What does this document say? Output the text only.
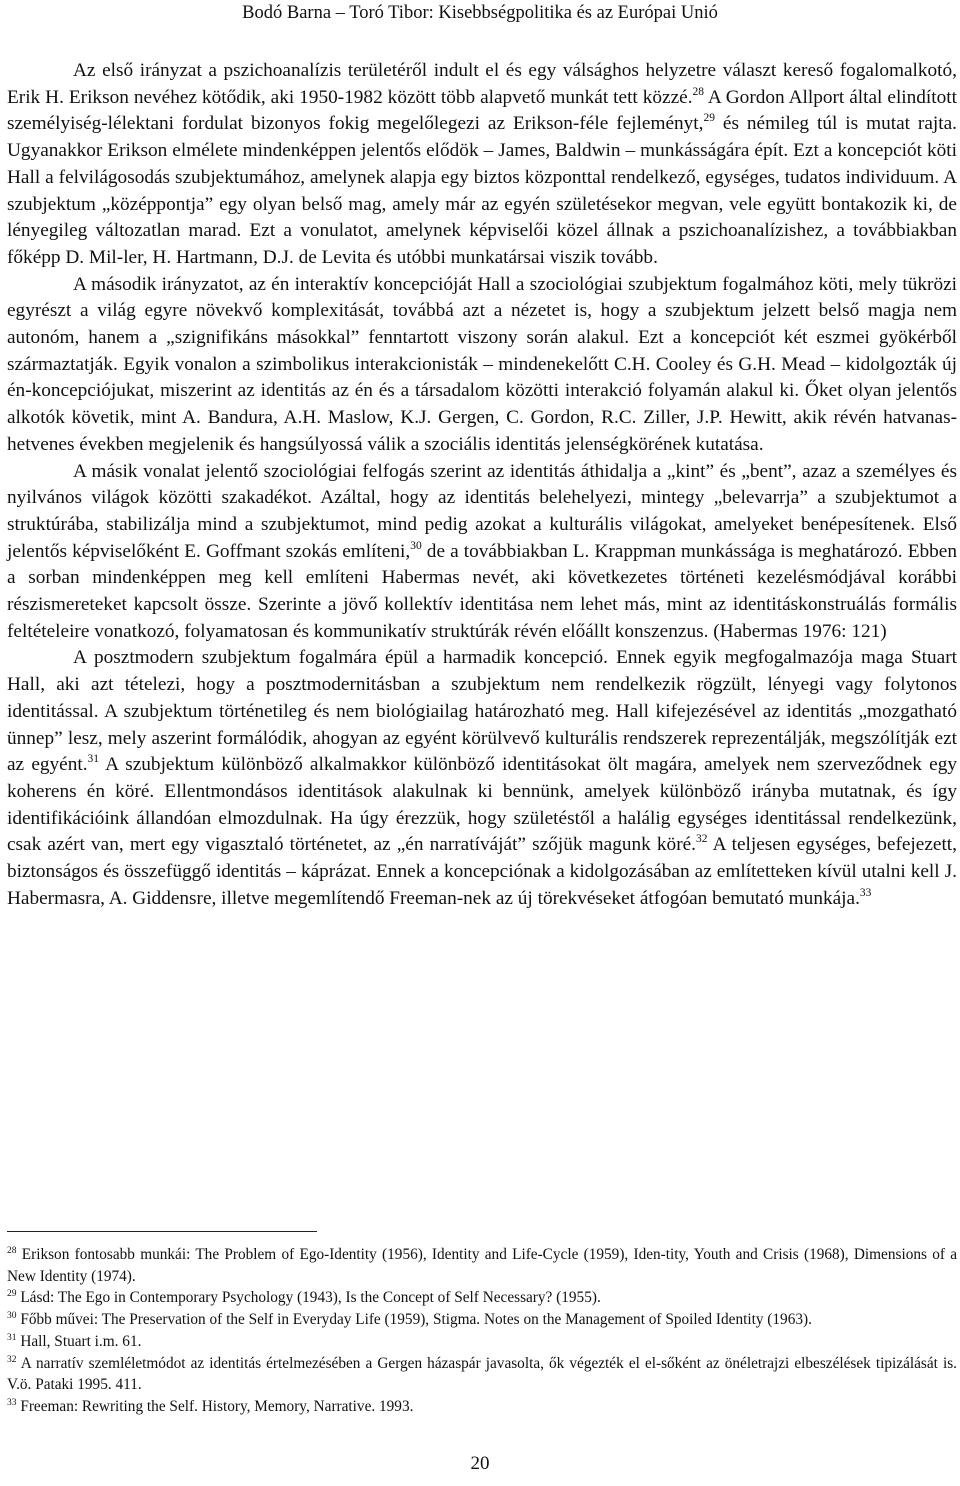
Bodó Barna – Toró Tibor: Kisebbségpolitika és az Európai Unió

Az első irányzat a pszichoanalízis területéről indult el és egy válsághos helyzetre választ kereső fogalomalkotó, Erik H. Erikson nevéhez kötődik, aki 1950-1982 között több alapvető munkát tett közzé.$^{28}$ A Gordon Allport által elindított személyiség-lélektani fordulat bizonyos fokig megelőlegezi az Erikson-féle fejleményt,$^{29}$ és némileg túl is mutat rajta. Ugyanakkor Erikson elmélete mindenképpen jelentős elődök ‒ James, Baldwin ‒ munkásságára épít. Ezt a koncepciót köti Hall a felvilágosodás szubjektumához, amelynek alapja egy biztos központtal rendelkező, egységes, tudatos individuum. A szubjektum „középpontja” egy olyan belső mag, amely már az egyén születésekor megvan, vele együtt bontakozik ki, de lényegileg változatlan marad. Ezt a vonulatot, amelynek képviselői közel állnak a pszichoanalízishez, a továbbiakban főképp D. Mil-ler, H. Hartmann, D.J. de Levita és utóbbi munkatársai viszik tovább.

A második irányzatot, az én interaktív koncepcióját Hall a szociológiai szubjektum fogalmához köti, mely tükrözi egyrészt a világ egyre növekvő komplexitását, továbbá azt a nézetet is, hogy a szubjektum jelzett belső magja nem autonóm, hanem a „szignifikáns másokkal” fenntartott viszony során alakul. Ezt a koncepciót két eszmei gyökérből származtatják. Egyik vonalon a szimbolikus interakcionisták ‒ mindenekelőtt C.H. Cooley és G.H. Mead ‒ kidolgozták új én-koncepciójukat, miszerint az identitás az én és a társadalom közötti interakció folyamán alakul ki. Őket olyan jelentős alkotók követik, mint A. Bandura, A.H. Maslow, K.J. Gergen, C. Gordon, R.C. Ziller, J.P. Hewitt, akik révén hatvanas-hetvenes években megjelenik és hangsúlyossá válik a szociális identitás jelenségkörének kutatása.

A másik vonalat jelentő szociológiai felfogás szerint az identitás áthidalja a „kint” és „bent”, azaz a személyes és nyilvános világok közötti szakadékot. Azáltal, hogy az identitás belehelyezi, mintegy „belevarrja” a szubjektumot a struktúrába, stabilizálja mind a szubjektumot, mind pedig azokat a kulturális világokat, amelyeket benépesítenek. Első jelentős képviselőként E. Goffmant szokás említeni,$^{30}$ de a továbbiakban L. Krappman munkássága is meghatározó. Ebben a sorban mindenképpen meg kell említeni Habermas nevét, aki következetes történeti kezelésmódjával korábbi részismereteket kapcsolt össze. Szerinte a jövő kollektív identitása nem lehet más, mint az identitáskonstruálás formális feltételeire vonatkozó, folyamatosan és kommunikatív struktúrák révén előállt konszenzus. (Habermas 1976: 121)

A posztmodern szubjektum fogalmára épül a harmadik koncepció. Ennek egyik megfogalmazója maga Stuart Hall, aki azt tételezi, hogy a posztmodernitásban a szubjektum nem rendelkezik rögzült, lényegi vagy folytonos identitással. A szubjektum történetileg és nem biológiailag határozható meg. Hall kifejezésével az identitás „mozgatható ünnep” lesz, mely aszerint formálódik, ahogyan az egyént körülvevő kulturális rendszerek reprezentálják, megszólítják ezt az egyént.$^{31}$ A szubjektum különböző alkalmakkor különböző identitásokat ölt magára, amelyek nem szerveződnek egy koherens én köré. Ellentmondásos identitások alakulnak ki bennünk, amelyek különböző irányba mutatnak, és így identifikációink állandóan elmozdulnak. Ha úgy érezzük, hogy születéstől a halálig egységes identitással rendelkezünk, csak azért van, mert egy vigasztaló történetet, az „én narratíváját” szőjük magunk köré.$^{32}$ A teljesen egységes, befejezett, biztonságos és összefüggő identitás ‒ káprázat. Ennek a koncepciónak a kidolgozásában az említetteken kívül utalni kell J. Habermasra, A. Giddensre, illetve megemlítendő Freeman-nek az új törekvéseket átfogóan bemutató munkája.$^{33}$

$^{28}$ Erikson fontosabb munkái: The Problem of Ego-Identity (1956), Identity and Life-Cycle (1959), Iden-tity, Youth and Crisis (1968), Dimensions of a New Identity (1974).

$^{29}$ Lásd: The Ego in Contemporary Psychology (1943), Is the Concept of Self Necessary? (1955).

$^{30}$ Főbb művei: The Preservation of the Self in Everyday Life (1959), Stigma. Notes on the Management of Spoiled Identity (1963).

$^{31}$ Hall, Stuart i.m. 61.

$^{32}$ A narratív szemléletmódot az identitás értelmezésében a Gergen házaspár javasolta, ők végezték el el-sőként az önéletrajzi elbeszélések tipizálását is. V.ö. Pataki 1995. 411.

$^{33}$ Freeman: Rewriting the Self. History, Memory, Narrative. 1993.

20
